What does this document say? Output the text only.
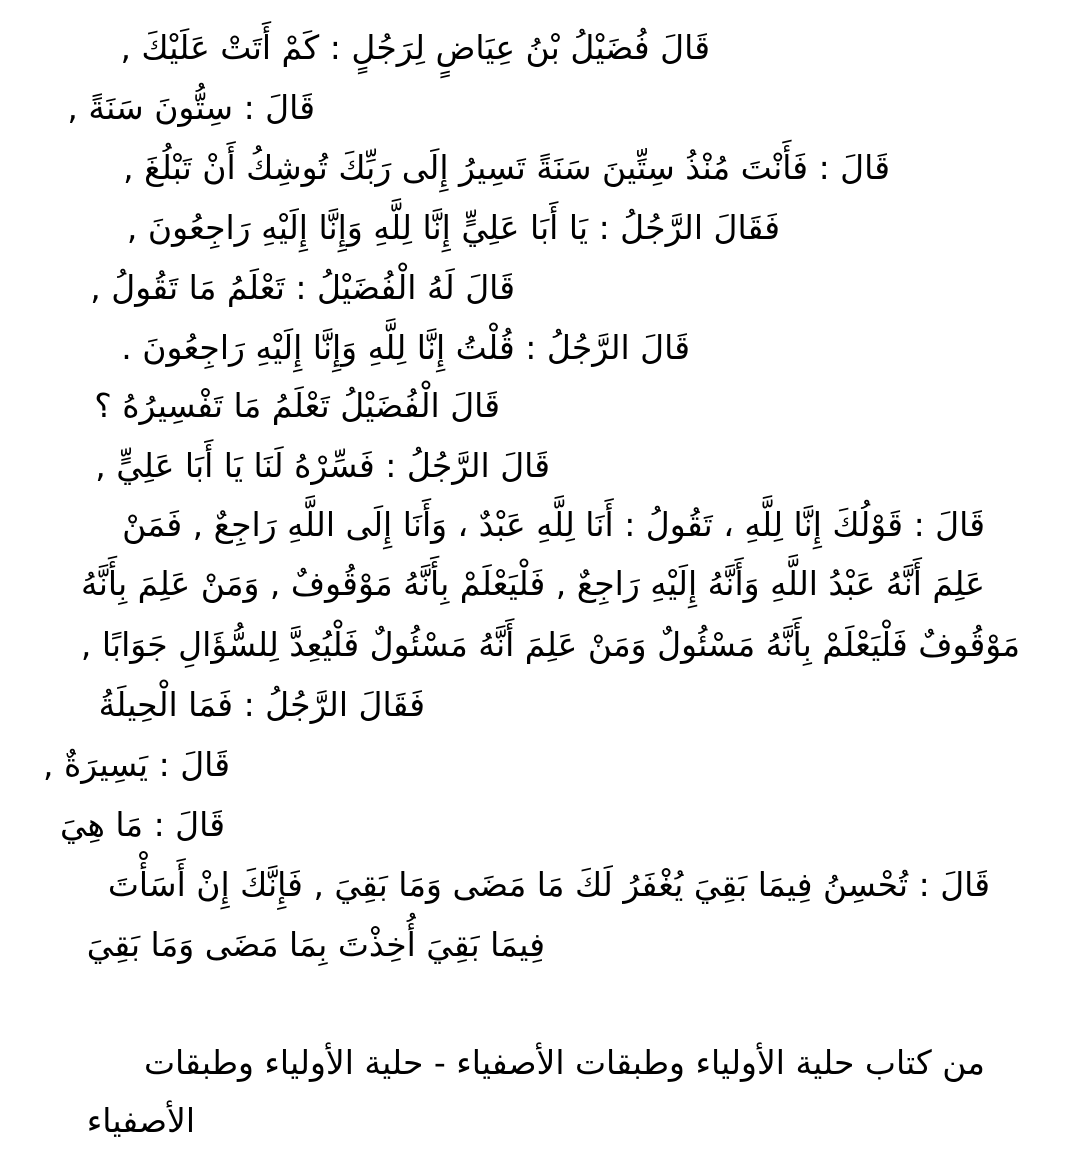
قَالَ فُضَيْلُ بْنُ عِيَاضٍ لِرَجُلٍ : كَمْ أَتَتْ عَلَيْكَ ,
قَالَ : سِتُّونَ سَنَةً ,
قَالَ : فَأَنْتَ مُنْذُ سِتِّينَ سَنَةً تَسِيرُ إِلَى رَبِّكَ تُوشِكُ أَنْ تَبْلُغَ ,
فَقَالَ الرَّجُلُ : يَا أَبَا عَلِيٍّ إِنَّا لِلَّهِ وَإِنَّا إِلَيْهِ رَاجِعُونَ ,
قَالَ لَهُ الْفُضَيْلُ : تَعْلَمُ مَا تَقُولُ ,
قَالَ الرَّجُلُ : قُلْتُ إِنَّا لِلَّهِ وَإِنَّا إِلَيْهِ رَاجِعُونَ .
قَالَ الْفُضَيْلُ تَعْلَمُ مَا تَفْسِيرُهُ ؟
قَالَ الرَّجُلُ : فَسِّرْهُ لَنَا يَا أَبَا عَلِيٍّ ,
قَالَ : قَوْلُكَ إِنَّا لِلَّهِ ، تَقُولُ : أَنَا لِلَّهِ عَبْدٌ ، وَأَنَا إِلَى اللَّهِ رَاجِعٌ , فَمَنْ
عَلِمَ أَنَّهُ عَبْدُ اللَّهِ وَأَنَّهُ إِلَيْهِ رَاجِعٌ , فَلْيَعْلَمْ بِأَنَّهُ مَوْقُوفٌ , وَمَنْ عَلِمَ بِأَنَّهُ
مَوْقُوفٌ فَلْيَعْلَمْ بِأَنَّهُ مَسْئُولٌ وَمَنْ عَلِمَ أَنَّهُ مَسْئُولٌ فَلْيُعِدَّ لِلسُّؤَالِ جَوَابًا ,
فَقَالَ الرَّجُلُ : فَمَا الْحِيلَةُ
قَالَ : يَسِيرَةٌ ,
قَالَ : مَا هِيَ
قَالَ : تُحْسِنُ فِيمَا بَقِيَ يُغْفَرُ لَكَ مَا مَضَى وَمَا بَقِيَ , فَإِنَّكَ إِنْ أَسَأْتَ
فِيمَا بَقِيَ أُخِذْتَ بِمَا مَضَى وَمَا بَقِيَ
من كتاب حلية الأولياء وطبقات الأصفياء - حلية الأولياء وطبقات
الأصفياء
